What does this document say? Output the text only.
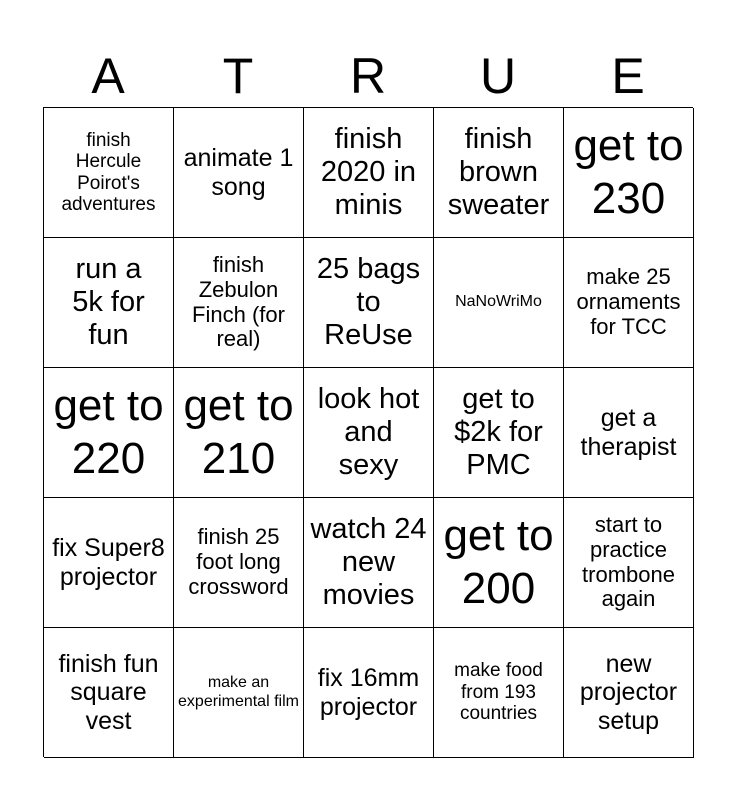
A	T	R	U	E
finish Hercule Poirot's adventures
animate 1 song
finish 2020 in minis
finish brown sweater
get to 230
run a 5k for fun
finish Zebulon Finch (for real)
25 bags to ReUse
NaNoWriMo
make 25 ornaments for TCC
get to 220
get to 210
look hot and sexy
get to $2k for PMC
get a therapist
fix Super8 projector
finish 25 foot long crossword
watch 24 new movies
get to 200
start to practice trombone again
finish fun square vest
make an experimental film
fix 16mm projector
make food from 193 countries
new projector setup
